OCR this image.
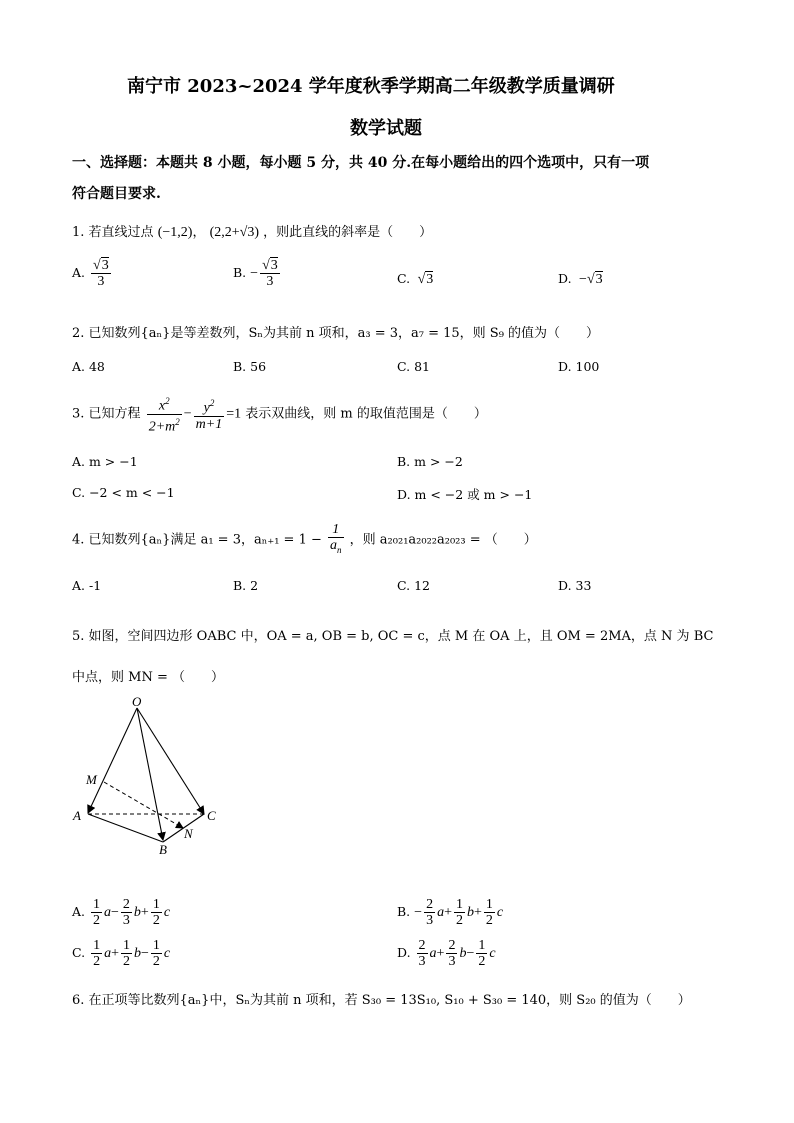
南宁市 2023~2024 学年度秋季学期高二年级教学质量调研
数学试题
一、选择题：本题共 8 小题，每小题 5 分，共 40 分.在每小题给出的四个选项中，只有一项
符合题目要求.
1. 若直线过点 (−1,2)， (2,2+√3) ，则此直线的斜率是（　　）
A. $\frac{√3}{3}$	B. − $\frac{√3}{3}$	C.  √3	D.  −√3
2. 已知数列{aₙ}是等差数列，Sₙ为其前 n 项和，a₃ = 3，a₇ = 15，则 S₉ 的值为（　　）
A. 48	B. 56	C. 81	D. 100
3. 已知方程 $\frac{x^2}{2+m^2} - \frac{y^2}{m+1} =1$ 表示双曲线，则 m 的取值范围是（　　）
A. m > −1	B. m > −2
C. −2 < m < −1	D. m < −2 或 m > −1
4. 已知数列{aₙ}满足 a₁ = 3，$a_{n+1} = 1 - \frac{1}{a_n}$ ，则 a₂₀₂₁a₂₀₂₂a₂₀₂₃ = （　　）
A. -1	B. 2	C. 12	D. 33
5. 如图，空间四边形 OABC 中，OA = a, OB = b, OC = c，点 M 在 OA 上，且 OM = 2MA，点 N 为 BC
中点，则 MN = （　　）
O
M
A
B
C
N
A. $\frac{1}{2} a- \frac{2}{3} b+ \frac{1}{2}$ c	B. − $\frac{2}{3} a+ \frac{1}{2} b+ \frac{1}{2}$ c
C. $\frac{1}{2} a+ \frac{1}{2} b- \frac{1}{2}$ c	D. $\frac{2}{3} a+ \frac{2}{3} b- \frac{1}{2}$ c
6. 在正项等比数列{aₙ}中，Sₙ为其前 n 项和，若 S₃₀ = 13S₁₀, S₁₀ + S₃₀ = 140，则 S₂₀ 的值为（　　）
